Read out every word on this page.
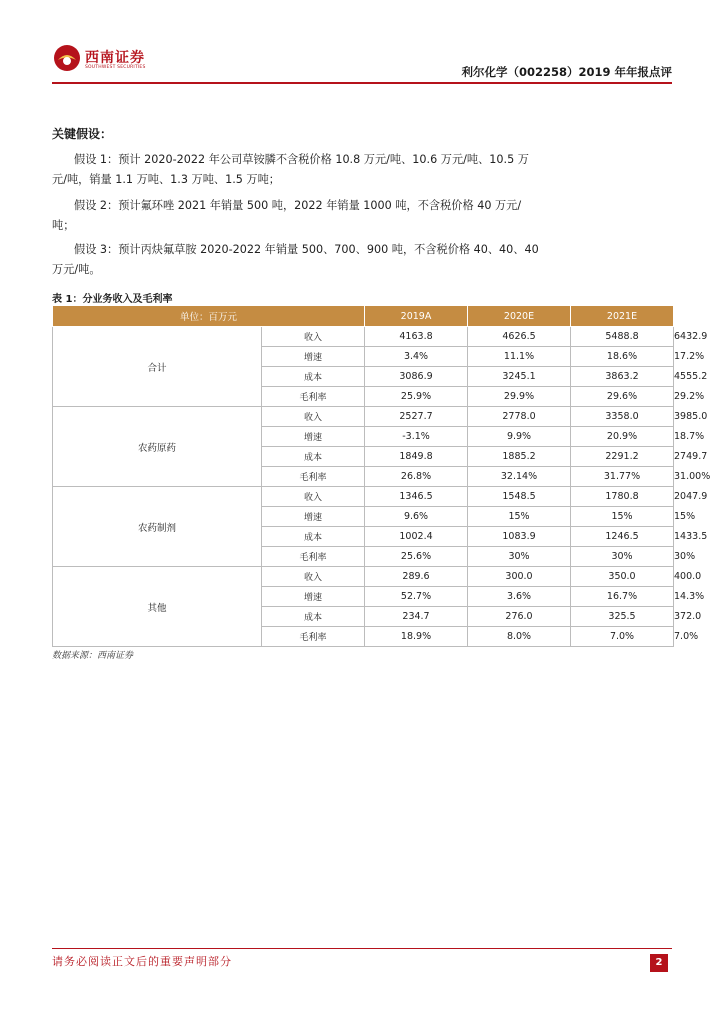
西南证券
SOUTHWEST SECURITIES	利尔化学（002258）2019 年年报点评
关键假设：
假设 1：预计 2020-2022 年公司草铵膦不含税价格 10.8 万元/吨、10.6 万元/吨、10.5 万元/吨，销量 1.1 万吨、1.3 万吨、1.5 万吨；
假设 2：预计氟环唑 2021 年销量 500 吨，2022 年销量 1000 吨，不含税价格 40 万元/吨；
假设 3：预计丙炔氟草胺 2020-2022 年销量 500、700、900 吨，不含税价格 40、40、40 万元/吨。
表 1：分业务收入及毛利率
单位：百万元		2019A	2020E	2021E	2022E
合计	收入	4163.8	4626.5	5488.8	6432.9
	增速	3.4%	11.1%	18.6%	17.2%
	成本	3086.9	3245.1	3863.2	4555.2
	毛利率	25.9%	29.9%	29.6%	29.2%
农药原药	收入	2527.7	2778.0	3358.0	3985.0
	增速	-3.1%	9.9%	20.9%	18.7%
	成本	1849.8	1885.2	2291.2	2749.7
	毛利率	26.8%	32.14%	31.77%	31.00%
农药制剂	收入	1346.5	1548.5	1780.8	2047.9
	增速	9.6%	15%	15%	15%
	成本	1002.4	1083.9	1246.5	1433.5
	毛利率	25.6%	30%	30%	30%
其他	收入	289.6	300.0	350.0	400.0
	增速	52.7%	3.6%	16.7%	14.3%
	成本	234.7	276.0	325.5	372.0
	毛利率	18.9%	8.0%	7.0%	7.0%
数据来源：西南证券
请务必阅读正文后的重要声明部分	2
